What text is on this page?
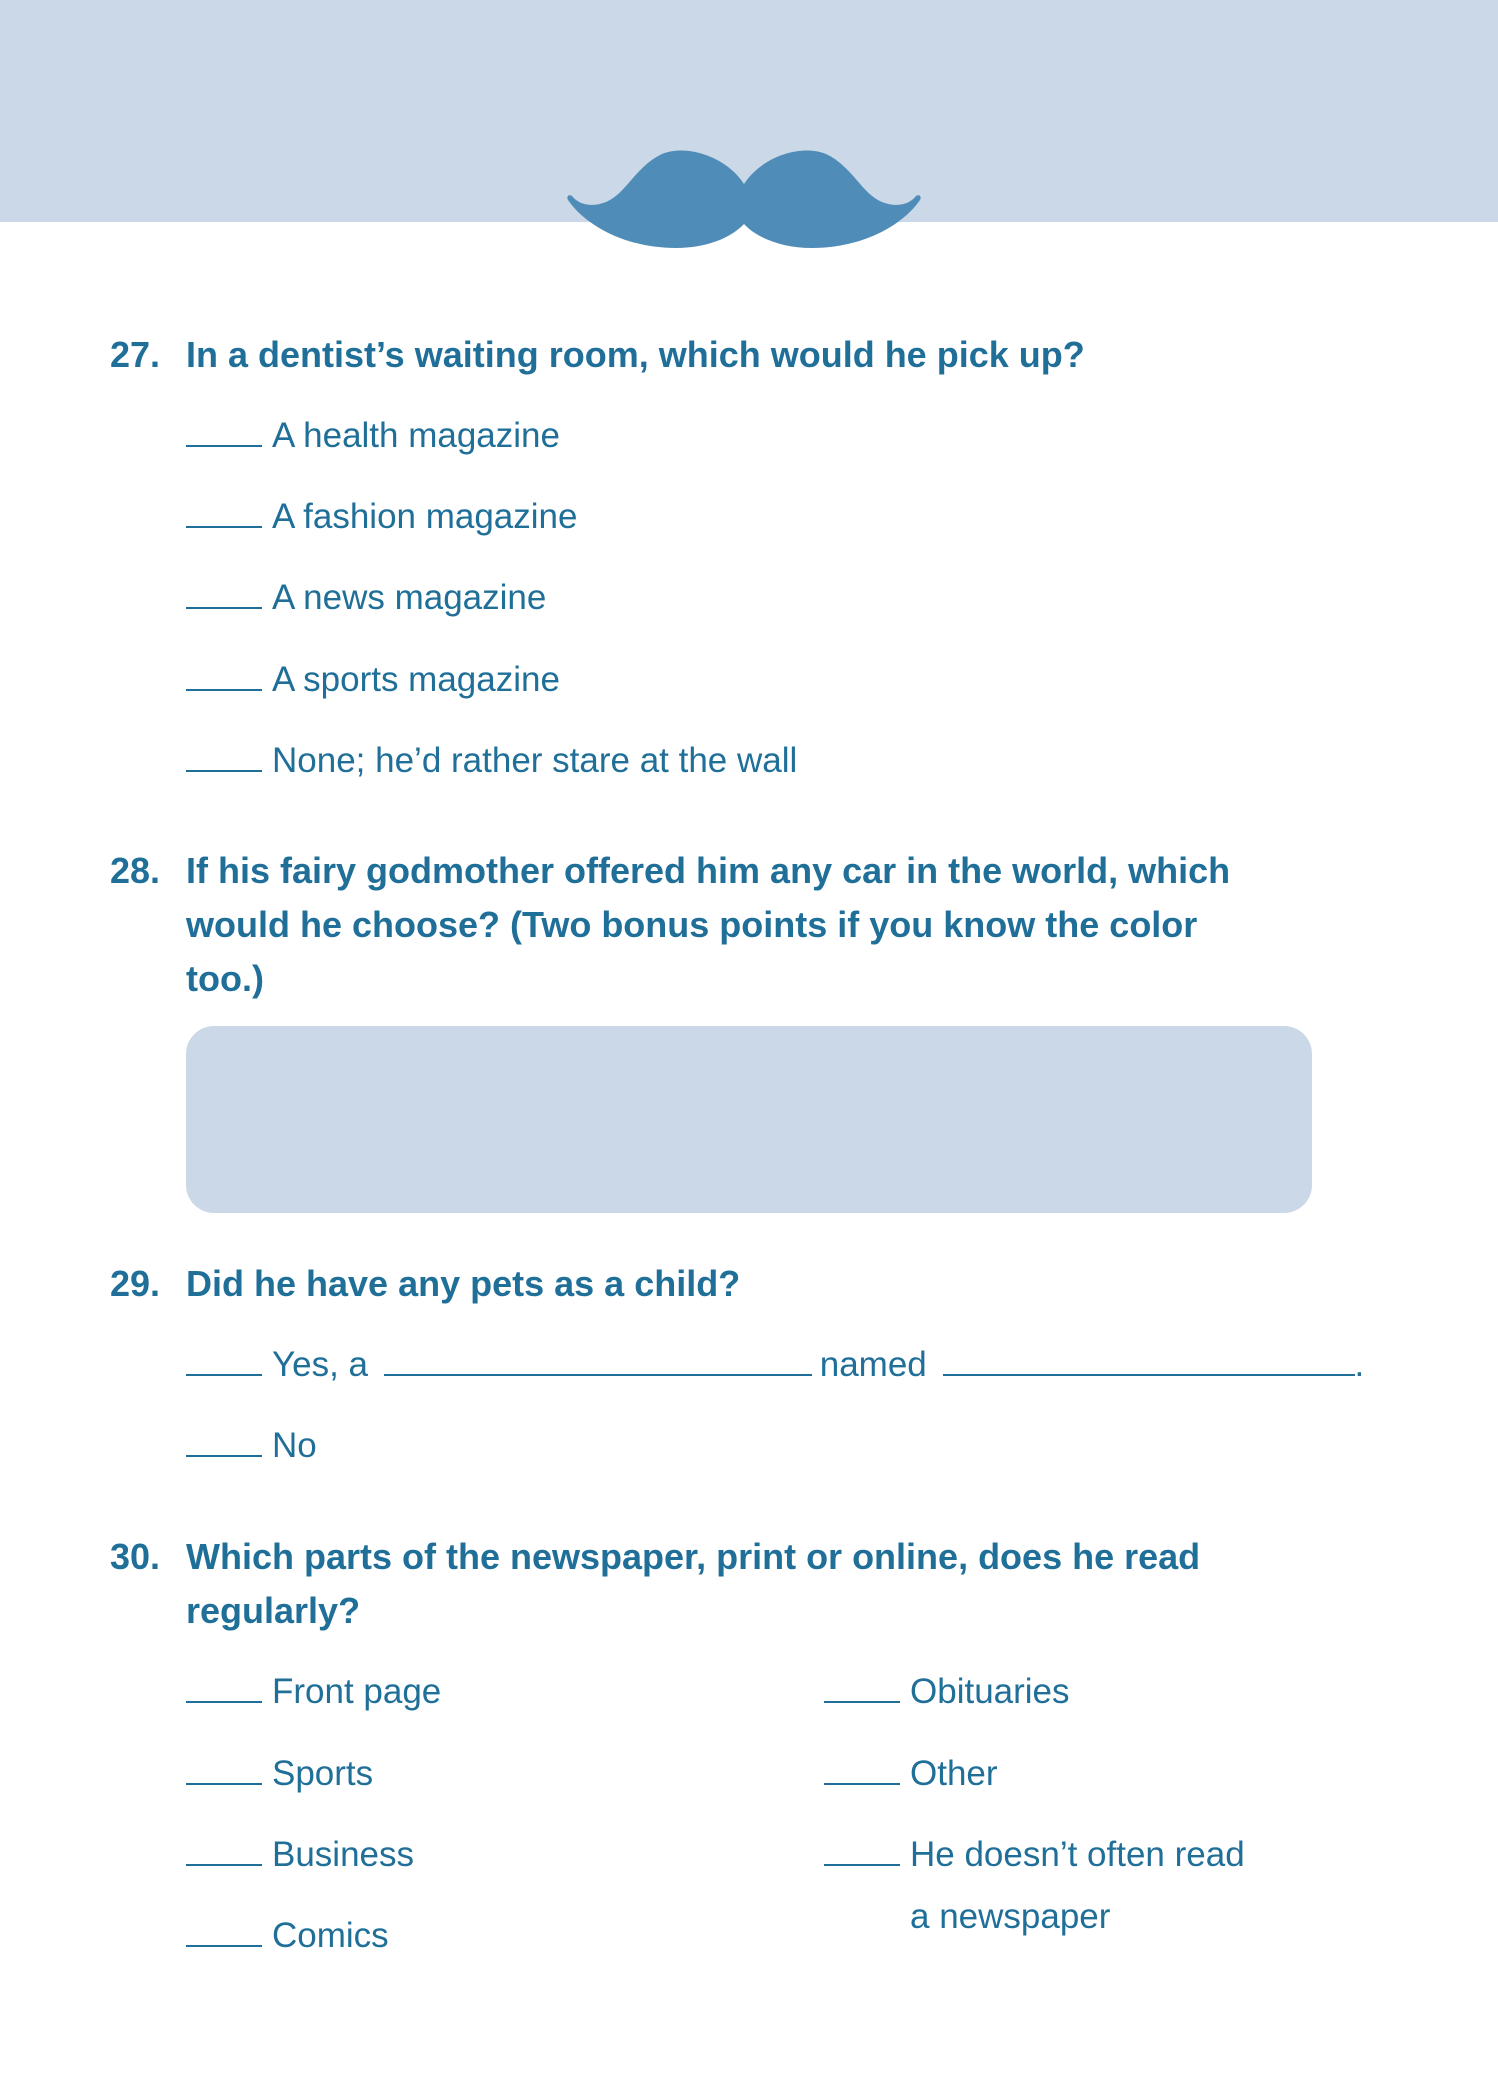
27. In a dentist’s waiting room, which would he pick up?
A health magazine
A fashion magazine
A news magazine
A sports magazine
None; he’d rather stare at the wall
28. If his fairy godmother offered him any car in the world, which would he choose? (Two bonus points if you know the color too.)
29. Did he have any pets as a child?
Yes, a	named	.
No
30. Which parts of the newspaper, print or online, does he read regularly?
Front page
Sports
Business
Comics
Obituaries
Other
He doesn’t often read
a newspaper
